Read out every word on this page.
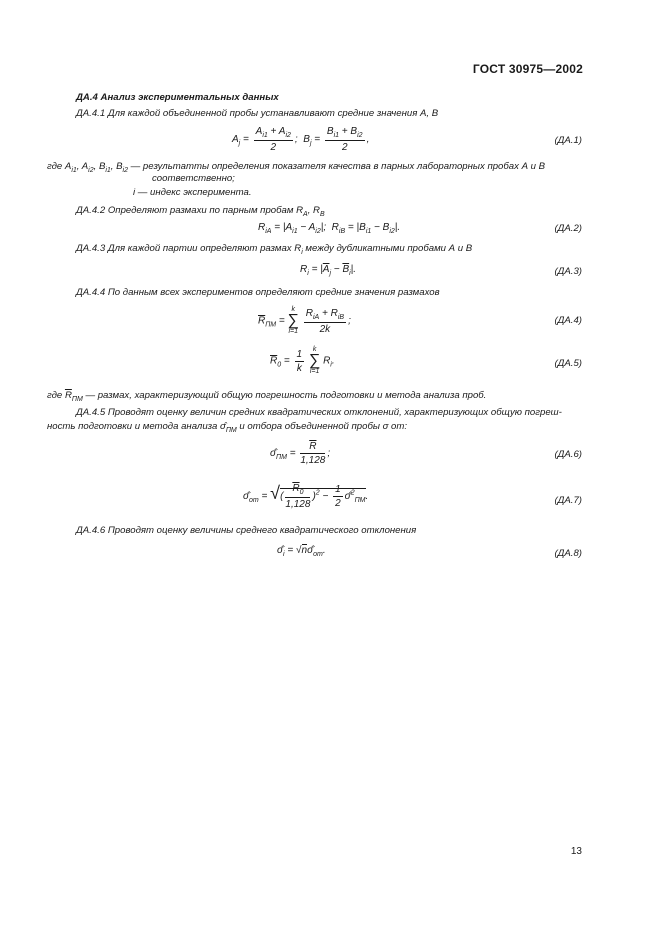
ГОСТ 30975—2002
ДА.4 Анализ экспериментальных данных
ДА.4.1 Для каждой объединенной пробы устанавливают средние значения А, В
$A_j = \frac{A_{i1} + A_{i2}}{2}$ ;  $B_j = \frac{B_{i1} + B_{i2}}{2}$ ,	(ДА.1)
где $A_{i1}$, $A_{i2}$, $B_{i1}$, $B_{i2}$ — результатты определения показателя качества в парных лабораторных пробах А и В
соответственно;
i — индекс эксперимента.
ДА.4.2 Определяют размахи по парным пробам $R_A$, $R_B$
$R_{iA} = |A_{i1} - A_{i2}|$;  $R_{iB} = |B_{i1} - B_{i2}|$.	(ДА.2)
ДА.4.3 Для каждой партии определяют размах $R_i$ между дубликатными пробами А и В
$R_i = |\overline{A}_j - \overline{B}_i|$.	(ДА.3)
ДА.4.4 По данным всех экспериментов определяют средние значения размахов
$\overline{R}_{ПМ} = k$
∑
$i=1 \frac{R_{iA} + R_{iB}}{2k}$ ;	(ДА.4)
$\overline{R}_0 = \frac{1}{k}$ k
∑
i=1 $R_i$.	(ДА.5)
где $\overline{R}_{ПМ}$ — размах, характеризующий общую погрешность подготовки и метода анализа проб.
ДА.4.5 Проводят оценку величин средних квадратических отклонений, характеризующих общую погреш-
ность подготовки и метода анализа $\sigmâ_{ПМ}$ и отбора объединенной пробы σ от:
$\sigmâ_{ПМ} = \frac{\overline{R}}{1,128}$ ;	(ДА.6)
$\sigmâ_{от}$ = √( $\frac{\overline{R}_0}{1,128} )^2 - \frac{1}{2}$ σ̂$^2_{ПМ}$.	(ДА.7)
ДА.4.6 Проводят оценку величины среднего квадратического отклонения
$\sigmâ_i$ = $√n\sigmâ_{от}$.	(ДА.8)
13
